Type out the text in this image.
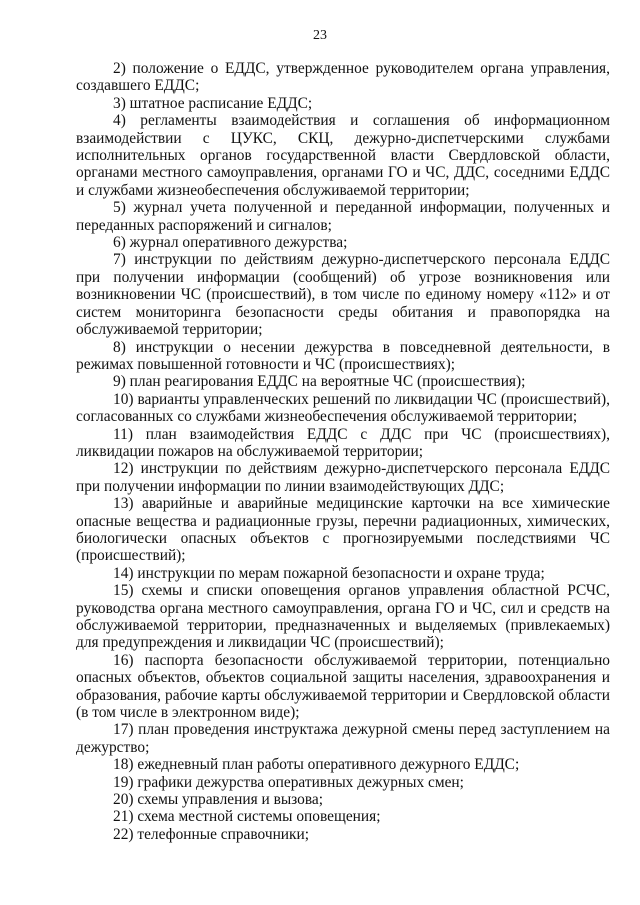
23

2) положение о ЕДДС, утвержденное руководителем органа управления, создавшего ЕДДС;

3) штатное расписание ЕДДС;

4) регламенты взаимодействия и соглашения об информационном взаимодействии с ЦУКС, СКЦ, дежурно-диспетчерскими службами исполнительных органов государственной власти Свердловской области, органами местного самоуправления, органами ГО и ЧС, ДДС, соседними ЕДДС и службами жизнеобеспечения обслуживаемой территории;

5) журнал учета полученной и переданной информации, полученных и переданных распоряжений и сигналов;

6) журнал оперативного дежурства;

7) инструкции по действиям дежурно-диспетчерского персонала ЕДДС при получении информации (сообщений) об угрозе возникновения или возникновении ЧС (происшествий), в том числе по единому номеру «112» и от систем мониторинга безопасности среды обитания и правопорядка на обслуживаемой территории;

8) инструкции о несении дежурства в повседневной деятельности, в режимах повышенной готовности и ЧС (происшествиях);

9) план реагирования ЕДДС на вероятные ЧС (происшествия);

10) варианты управленческих решений по ликвидации ЧС (происшествий), согласованных со службами жизнеобеспечения обслуживаемой территории;

11) план взаимодействия ЕДДС с ДДС при ЧС (происшествиях), ликвидации пожаров на обслуживаемой территории;

12) инструкции по действиям дежурно-диспетчерского персонала ЕДДС при получении информации по линии взаимодействующих ДДС;

13) аварийные и аварийные медицинские карточки на все химические опасные вещества и радиационные грузы, перечни радиационных, химических, биологически опасных объектов с прогнозируемыми последствиями ЧС (происшествий);

14) инструкции по мерам пожарной безопасности и охране труда;

15) схемы и списки оповещения органов управления областной РСЧС, руководства органа местного самоуправления, органа ГО и ЧС, сил и средств на обслуживаемой территории, предназначенных и выделяемых (привлекаемых) для предупреждения и ликвидации ЧС (происшествий);

16) паспорта безопасности обслуживаемой территории, потенциально опасных объектов, объектов социальной защиты населения, здравоохранения и образования, рабочие карты обслуживаемой территории и Свердловской области (в том числе в электронном виде);

17) план проведения инструктажа дежурной смены перед заступлением на дежурство;

18) ежедневный план работы оперативного дежурного ЕДДС;

19) графики дежурства оперативных дежурных смен;

20) схемы управления и вызова;

21) схема местной системы оповещения;

22) телефонные справочники;
